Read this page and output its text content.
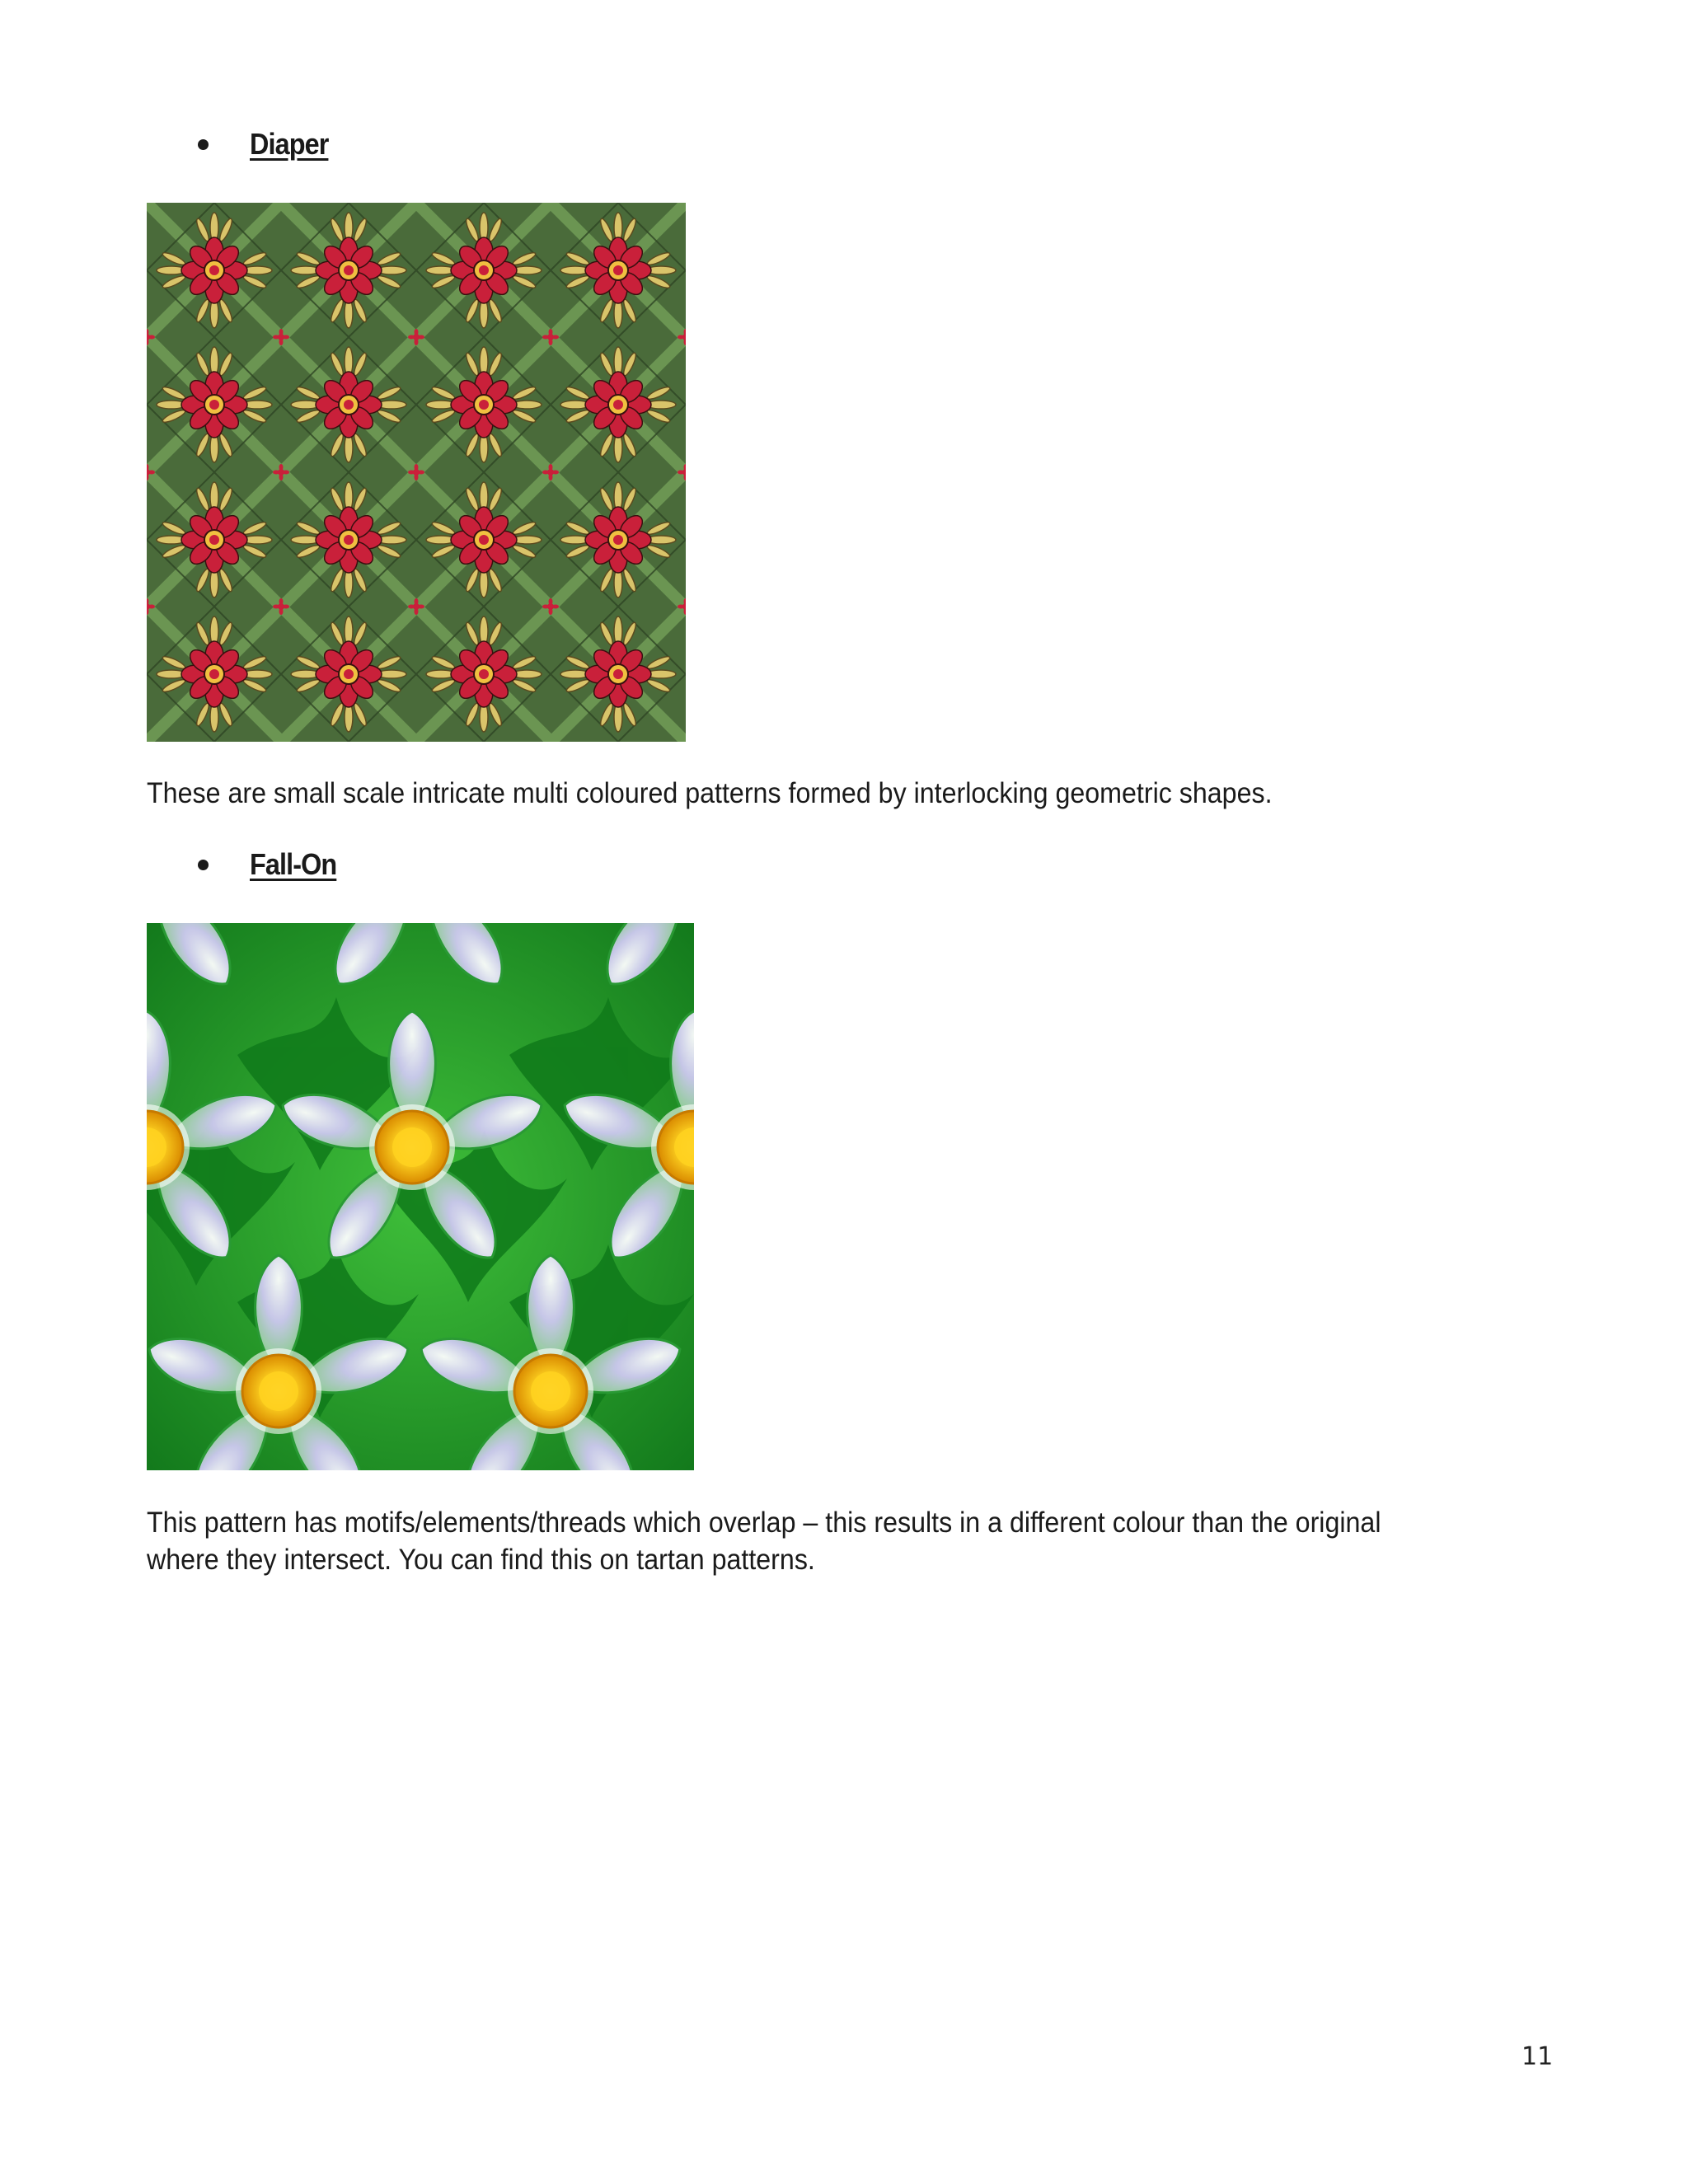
Diaper
These are small scale intricate multi coloured patterns formed by interlocking geometric shapes.
Fall-On
This pattern has motifs/elements/threads which overlap – this results in a different colour than the original where they intersect. You can find this on tartan patterns.
11
